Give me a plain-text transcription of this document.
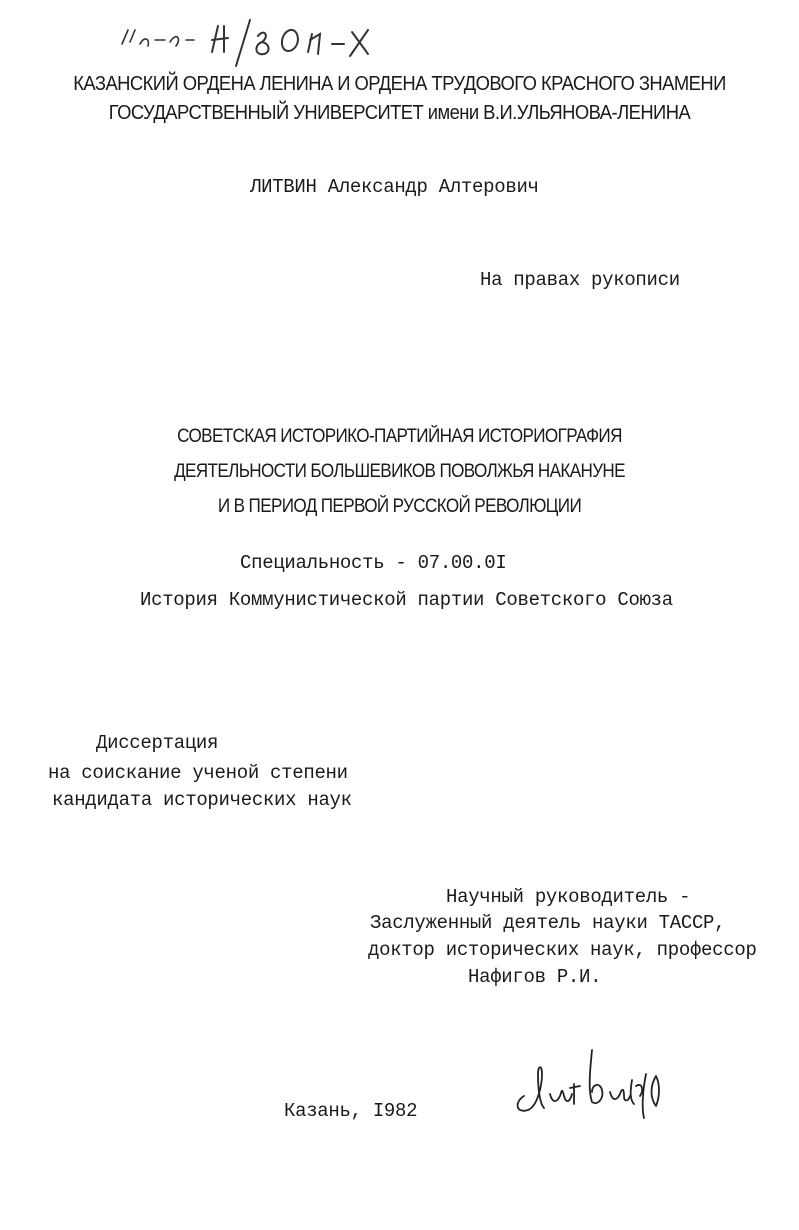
КАЗАНСКИЙ ОРДЕНА ЛЕНИНА И ОРДЕНА ТРУДОВОГО КРАСНОГО ЗНАМЕНИ
ГОСУДАРСТВЕННЫЙ УНИВЕРСИТЕТ имени В.И.УЛЬЯНОВА-ЛЕНИНА
ЛИТВИН Александр Алтерович
На правах рукописи
СОВЕТСКАЯ ИСТОРИКО-ПАРТИЙНАЯ ИСТОРИОГРАФИЯ
ДЕЯТЕЛЬНОСТИ БОЛЬШЕВИКОВ ПОВОЛЖЬЯ НАКАНУНЕ
И В ПЕРИОД ПЕРВОЙ РУССКОЙ РЕВОЛЮЦИИ
Специальность - 07.00.0I
История Коммунистической партии Советского Союза
Диссертация
на соискание ученой степени
кандидата исторических наук
Научный руководитель -
Заслуженный деятель науки ТАССР,
доктор исторических наук, профессор
Нафигов Р.И.
Казань, I982
